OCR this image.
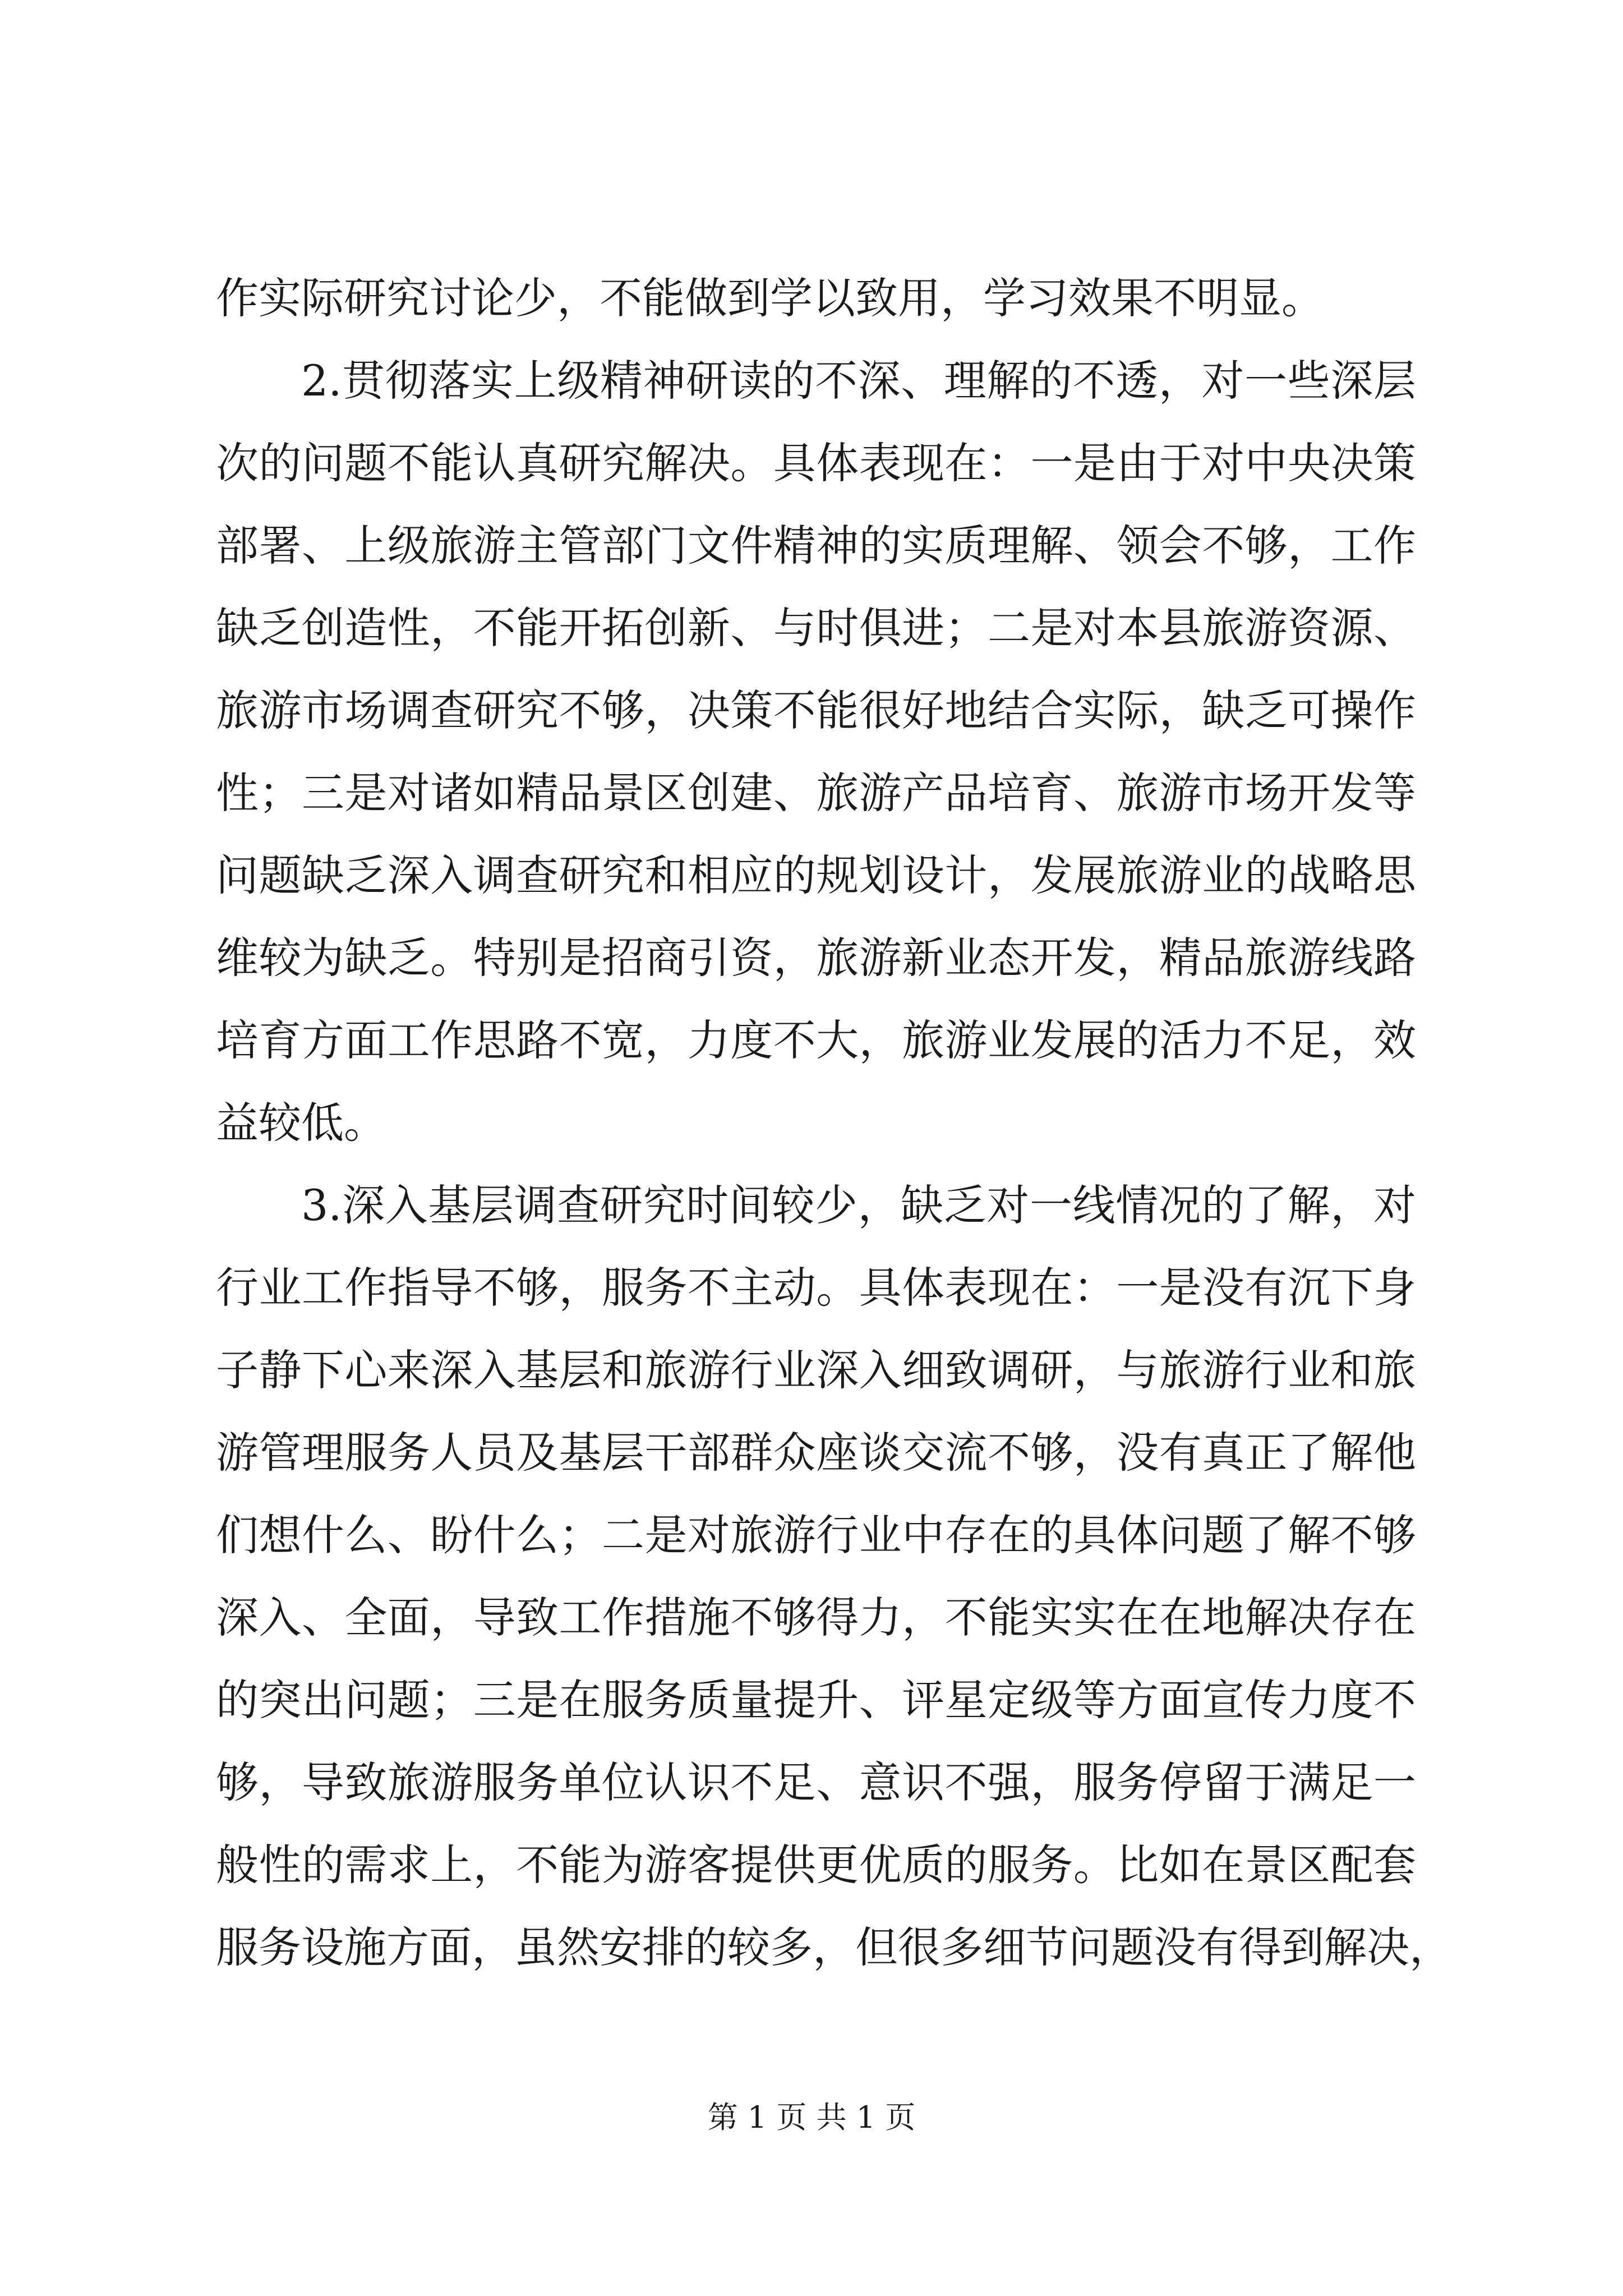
作实际研究讨论少，不能做到学以致用，学习效果不明显。
2.贯彻落实上级精神研读的不深、理解的不透，对一些深层
次的问题不能认真研究解决。具体表现在：一是由于对中央决策
部署、上级旅游主管部门文件精神的实质理解、领会不够，工作
缺乏创造性，不能开拓创新、与时俱进；二是对本县旅游资源、
旅游市场调查研究不够，决策不能很好地结合实际，缺乏可操作
性；三是对诸如精品景区创建、旅游产品培育、旅游市场开发等
问题缺乏深入调查研究和相应的规划设计，发展旅游业的战略思
维较为缺乏。特别是招商引资，旅游新业态开发，精品旅游线路
培育方面工作思路不宽，力度不大，旅游业发展的活力不足，效
益较低。
3.深入基层调查研究时间较少，缺乏对一线情况的了解，对
行业工作指导不够，服务不主动。具体表现在：一是没有沉下身
子静下心来深入基层和旅游行业深入细致调研，与旅游行业和旅
游管理服务人员及基层干部群众座谈交流不够，没有真正了解他
们想什么、盼什么；二是对旅游行业中存在的具体问题了解不够
深入、全面，导致工作措施不够得力，不能实实在在地解决存在
的突出问题；三是在服务质量提升、评星定级等方面宣传力度不
够，导致旅游服务单位认识不足、意识不强，服务停留于满足一
般性的需求上，不能为游客提供更优质的服务。比如在景区配套
服务设施方面，虽然安排的较多，但很多细节问题没有得到解决，
第 1 页 共 1 页
